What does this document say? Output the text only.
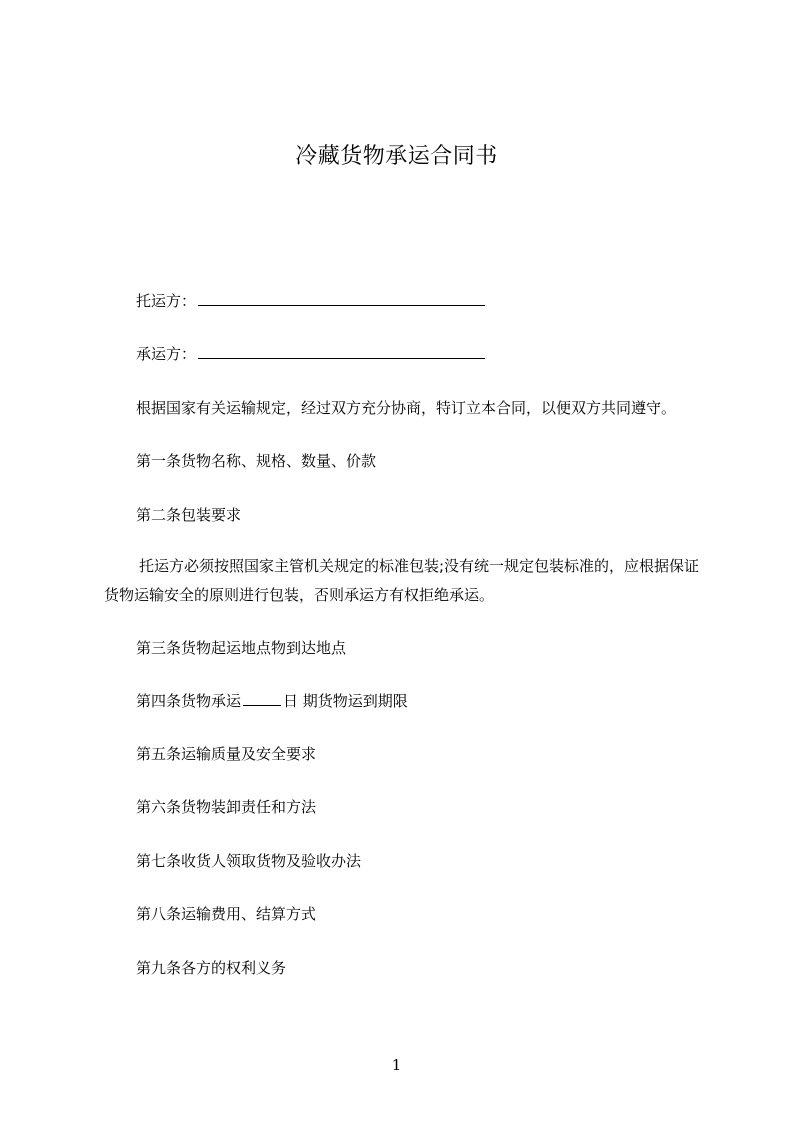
冷藏货物承运合同书
托运方：
承运方：
根据国家有关运输规定，经过双方充分协商，特订立本合同，以便双方共同遵守。
第一条货物名称、规格、数量、价款
第二条包装要求
托运方必须按照国家主管机关规定的标准包装;没有统一规定包装标准的，应根据保证货物运输安全的原则进行包装，否则承运方有权拒绝承运。
第三条货物起运地点物到达地点
第四条货物承运	日 期货物运到期限
第五条运输质量及安全要求
第六条货物装卸责任和方法
第七条收货人领取货物及验收办法
第八条运输费用、结算方式
第九条各方的权利义务
1
